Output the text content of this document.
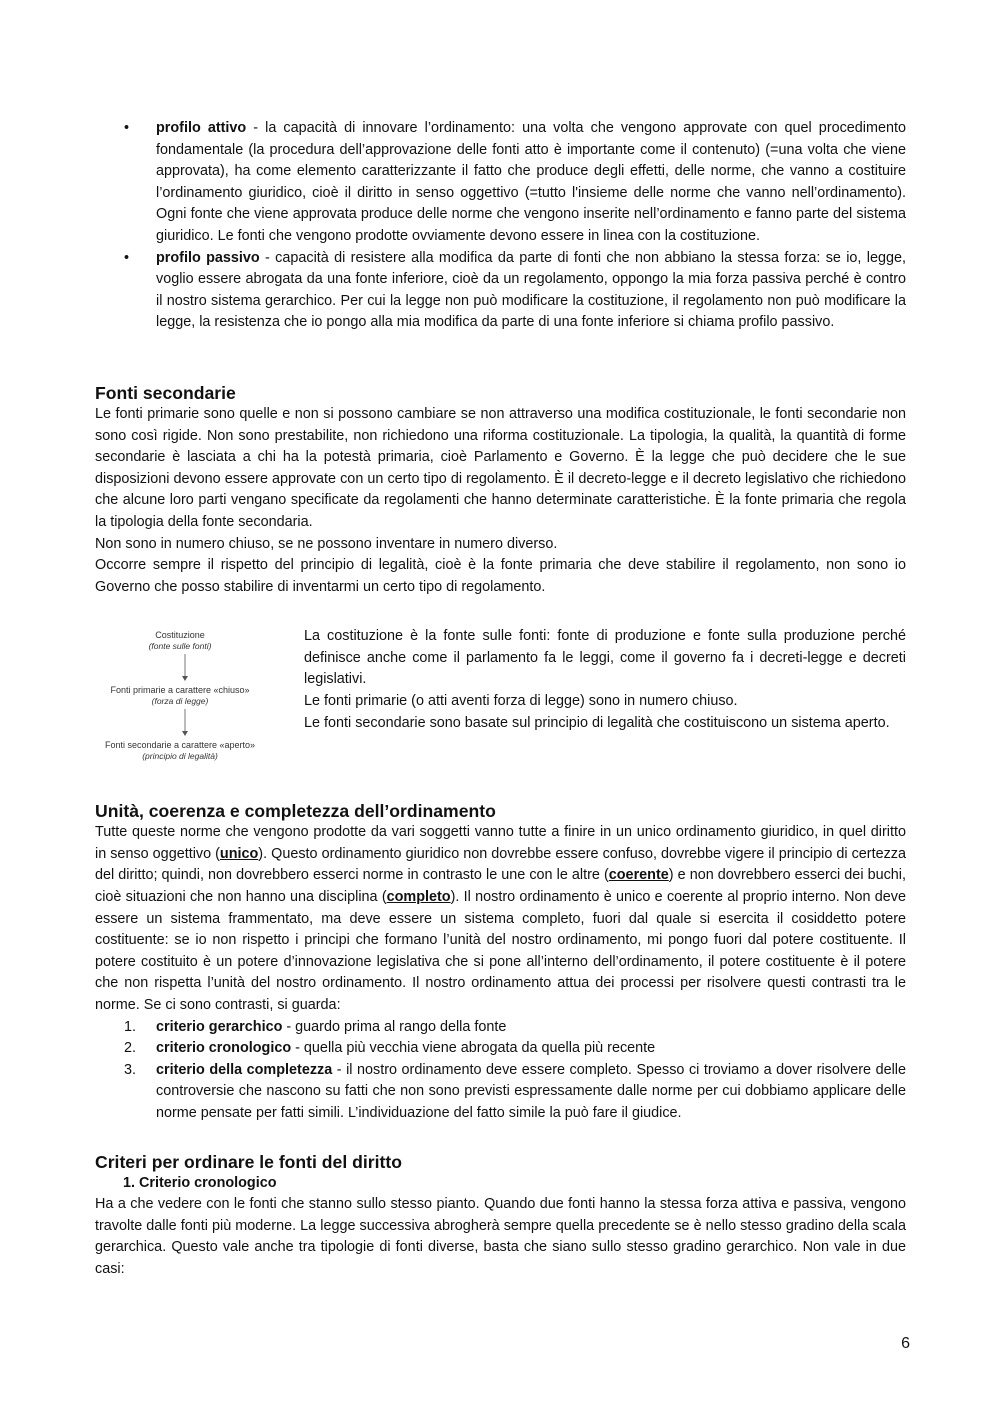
• profilo attivo - la capacità di innovare l’ordinamento: una volta che vengono approvate con quel procedimento fondamentale (la procedura dell’approvazione delle fonti atto è importante come il contenuto) (=una volta che viene approvata), ha come elemento caratterizzante il fatto che produce degli effetti, delle norme, che vanno a costituire l’ordinamento giuridico, cioè il diritto in senso oggettivo (=tutto l'insieme delle norme che vanno nell’ordinamento). Ogni fonte che viene approvata produce delle norme che vengono inserite nell’ordinamento e fanno parte del sistema giuridico. Le fonti che vengono prodotte ovviamente devono essere in linea con la costituzione.
• profilo passivo - capacità di resistere alla modifica da parte di fonti che non abbiano la stessa forza: se io, legge, voglio essere abrogata da una fonte inferiore, cioè da un regolamento, oppongo la mia forza passiva perché è contro il nostro sistema gerarchico. Per cui la legge non può modificare la costituzione, il regolamento non può modificare la legge, la resistenza che io pongo alla mia modifica da parte di una fonte inferiore si chiama profilo passivo.
Fonti secondarie

Le fonti primarie sono quelle e non si possono cambiare se non attraverso una modifica costituzionale, le fonti secondarie non sono così rigide. Non sono prestabilite, non richiedono una riforma costituzionale. La tipologia, la qualità, la quantità di forme secondarie è lasciata a chi ha la potestà primaria, cioè Parlamento e Governo. È la legge che può decidere che le sue disposizioni devono essere approvate con un certo tipo di regolamento. È il decreto-legge e il decreto legislativo che richiedono che alcune loro parti vengano specificate da regolamenti che hanno determinate caratteristiche. È la fonte primaria che regola la tipologia della fonte secondaria.

Non sono in numero chiuso, se ne possono inventare in numero diverso.

Occorre sempre il rispetto del principio di legalità, cioè è la fonte primaria che deve stabilire il regolamento, non sono io Governo che posso stabilire di inventarmi un certo tipo di regolamento.

Costituzione
(fonte sulle fonti)
Fonti primarie a carattere «chiuso»
(forza di legge)
Fonti secondarie a carattere «aperto»
(principio di legalità)

La costituzione è la fonte sulle fonti: fonte di produzione e fonte sulla produzione perché definisce anche come il parlamento fa le leggi, come il governo fa i decreti-legge e decreti legislativi.

Le fonti primarie (o atti aventi forza di legge) sono in numero chiuso.

Le fonti secondarie sono basate sul principio di legalità che costituiscono un sistema aperto.

Unità, coerenza e completezza dell’ordinamento

Tutte queste norme che vengono prodotte da vari soggetti vanno tutte a finire in un unico ordinamento giuridico, in quel diritto in senso oggettivo (unico). Questo ordinamento giuridico non dovrebbe essere confuso, dovrebbe vigere il principio di certezza del diritto; quindi, non dovrebbero esserci norme in contrasto le une con le altre (coerente) e non dovrebbero esserci dei buchi, cioè situazioni che non hanno una disciplina (completo). Il nostro ordinamento è unico e coerente al proprio interno. Non deve essere un sistema frammentato, ma deve essere un sistema completo, fuori dal quale si esercita il cosiddetto potere costituente: se io non rispetto i principi che formano l’unità del nostro ordinamento, mi pongo fuori dal potere costituente. Il potere costituito è un potere d’innovazione legislativa che si pone all’interno dell’ordinamento, il potere costituente è il potere che non rispetta l’unità del nostro ordinamento. Il nostro ordinamento attua dei processi per risolvere questi contrasti tra le norme. Se ci sono contrasti, si guarda:

1. criterio gerarchico - guardo prima al rango della fonte
2. criterio cronologico - quella più vecchia viene abrogata da quella più recente
3. criterio della completezza - il nostro ordinamento deve essere completo. Spesso ci troviamo a dover risolvere delle controversie che nascono su fatti che non sono previsti espressamente dalle norme per cui dobbiamo applicare delle norme pensate per fatti simili. L’individuazione del fatto simile la può fare il giudice.
Criteri per ordinare le fonti del diritto
1. Criterio cronologico

Ha a che vedere con le fonti che stanno sullo stesso pianto. Quando due fonti hanno la stessa forza attiva e passiva, vengono travolte dalle fonti più moderne. La legge successiva abrogherà sempre quella precedente se è nello stesso gradino della scala gerarchica. Questo vale anche tra tipologie di fonti diverse, basta che siano sullo stesso gradino gerarchico. Non vale in due casi:

6
